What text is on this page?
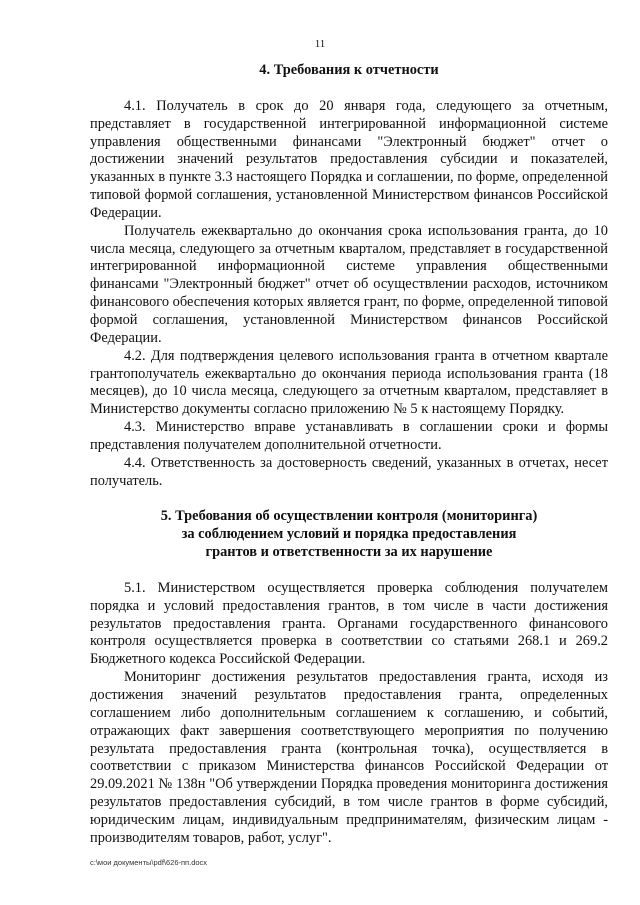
11

4. Требования к отчетности

4.1. Получатель в срок до 20 января года, следующего за отчетным, представляет в государственной интегрированной информационной системе управления общественными финансами "Электронный бюджет" отчет о достижении значений результатов предоставления субсидии и показателей, указанных в пункте 3.3 настоящего Порядка и соглашении, по форме, определенной типовой формой соглашения, установленной Министерством финансов Российской Федерации.

Получатель ежеквартально до окончания срока использования гранта, до 10 числа месяца, следующего за отчетным кварталом, представляет в государственной интегрированной информационной системе управления общественными финансами "Электронный бюджет" отчет об осуществлении расходов, источником финансового обеспечения которых является грант, по форме, определенной типовой формой соглашения, установленной Министерством финансов Российской Федерации.

4.2. Для подтверждения целевого использования гранта в отчетном квартале грантополучатель ежеквартально до окончания периода использования гранта (18 месяцев), до 10 числа месяца, следующего за отчетным кварталом, представляет в Министерство документы согласно приложению № 5 к настоящему Порядку.

4.3. Министерство вправе устанавливать в соглашении сроки и формы представления получателем дополнительной отчетности.

4.4. Ответственность за достоверность сведений, указанных в отчетах, несет получатель.

5. Требования об осуществлении контроля (мониторинга)
за соблюдением условий и порядка предоставления
грантов и ответственности за их нарушение

5.1. Министерством осуществляется проверка соблюдения получателем порядка и условий предоставления грантов, в том числе в части достижения результатов предоставления гранта. Органами государственного финансового контроля осуществляется проверка в соответствии со статьями 268.1 и 269.2 Бюджетного кодекса Российской Федерации.

Мониторинг достижения результатов предоставления гранта, исходя из достижения значений результатов предоставления гранта, определенных соглашением либо дополнительным соглашением к соглашению, и событий, отражающих факт завершения соответствующего мероприятия по получению результата предоставления гранта (контрольная точка), осуществляется в соответствии с приказом Министерства финансов Российской Федерации от 29.09.2021 № 138н "Об утверждении Порядка проведения мониторинга достижения результатов предоставления субсидий, в том числе грантов в форме субсидий, юридическим лицам, индивидуальным предпринимателям, физическим лицам - производителям товаров, работ, услуг".

c:\мои документы\pdf\626-пп.docx
